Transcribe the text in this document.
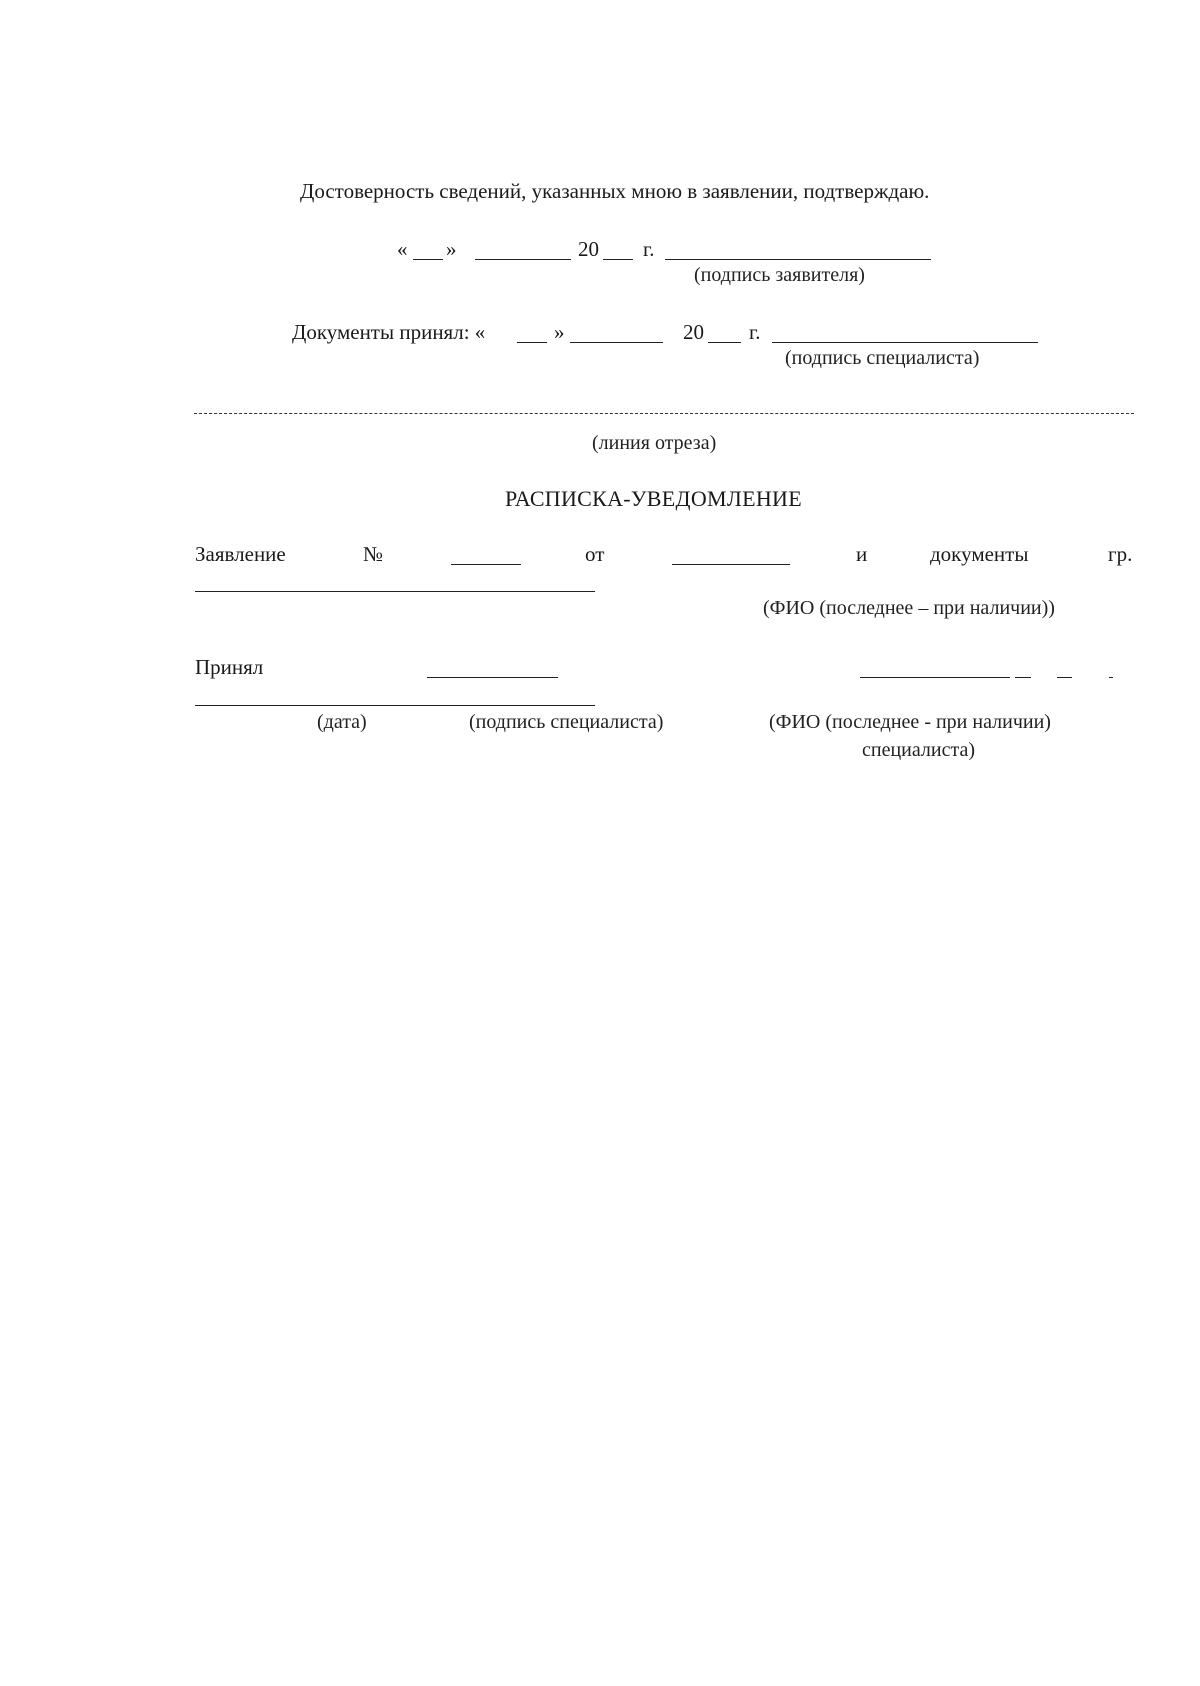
Достоверность сведений, указанных мною в заявлении, подтверждаю.
« »	20 г.
(подпись заявителя)
Документы принял: «	»	20 г.
(подпись специалиста)
(линия отреза)
РАСПИСКА-УВЕДОМЛЕНИЕ
Заявление	№	от	и	документы	гр.
(ФИО (последнее – при наличии))
Принял
(дата)	(подпись специалиста)	(ФИО (последнее - при наличии)
специалиста)
